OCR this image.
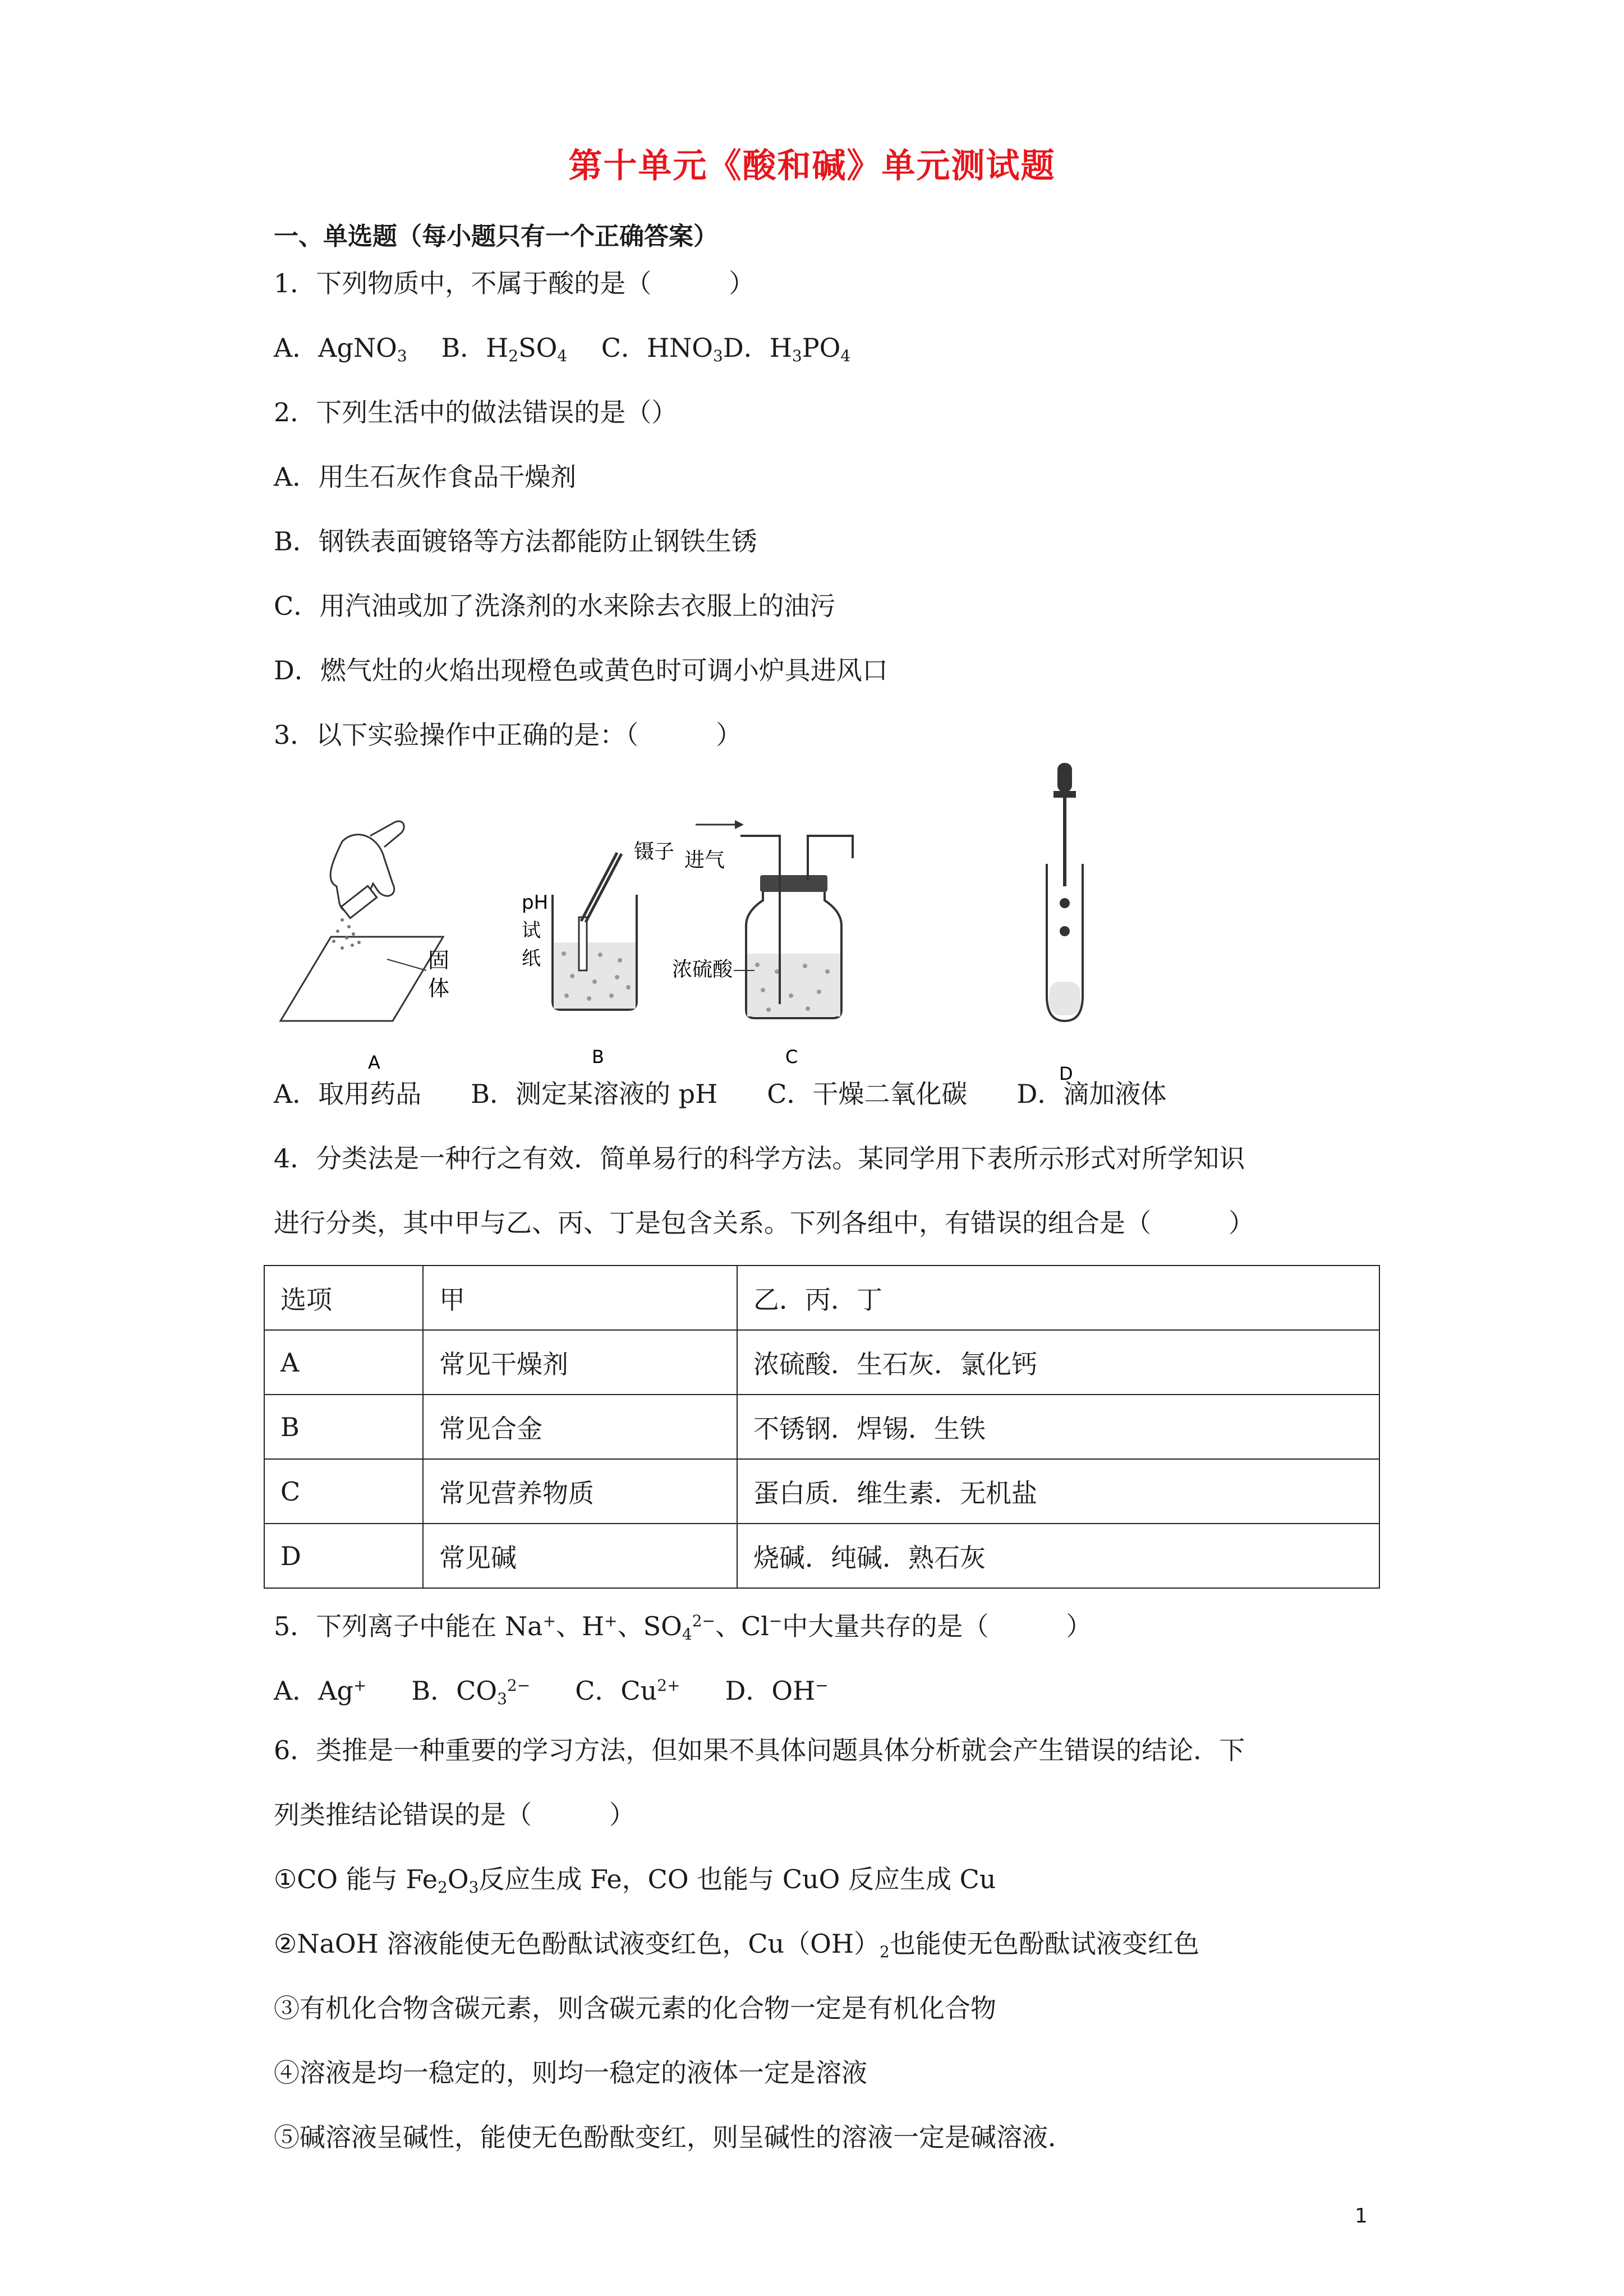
第十单元《酸和碱》单元测试题
一、单选题（每小题只有一个正确答案）
1．下列物质中，不属于酸的是（　　　）
A．AgNO$_3$　 B．$H_2SO_4$　 C．$HNO_3D$．$H_3PO_4$
2．下列生活中的做法错误的是（）
A．用生石灰作食品干燥剂
B．钢铁表面镀铬等方法都能防止钢铁生锈
C．用汽油或加了洗涤剂的水来除去衣服上的油污
D．燃气灶的火焰出现橙色或黄色时可调小炉具进风口
3．以下实验操作中正确的是：（　　　）
固
体
A
镊子
pH
试
纸
B
进气
浓硫酸
C
D
A．取用药品 B．测定某溶液的 pH C．干燥二氧化碳 D．滴加液体
4．分类法是一种行之有效．简单易行的科学方法。某同学用下表所示形式对所学知识
进行分类，其中甲与乙、丙、丁是包含关系。下列各组中，有错误的组合是（　　　）
选项	甲	乙．丙．丁
A	常见干燥剂	浓硫酸．生石灰．氯化钙
B	常见合金	不锈钢．焊锡．生铁
C	常见营养物质	蛋白质．维生素．无机盐
D	常见碱	烧碱．纯碱．熟石灰
5．下列离子中能在 Na+、H+、$SO_4^{2-}$、Cl−中大量共存的是（　　　）
A．Ag+ B．$CO_3^{2-}$ C．$Cu^{2+}$ D．OH−
6．类推是一种重要的学习方法，但如果不具体问题具体分析就会产生错误的结论．下
列类推结论错误的是（　　　）
①CO 能与 $Fe_2O_3$反应生成 Fe，CO 也能与 CuO 反应生成 Cu
②NaOH 溶液能使无色酚酞试液变红色，$Cu(OH)_2$也能使无色酚酞试液变红色
③有机化合物含碳元素，则含碳元素的化合物一定是有机化合物
④溶液是均一稳定的，则均一稳定的液体一定是溶液
⑤碱溶液呈碱性，能使无色酚酞变红，则呈碱性的溶液一定是碱溶液．
1
